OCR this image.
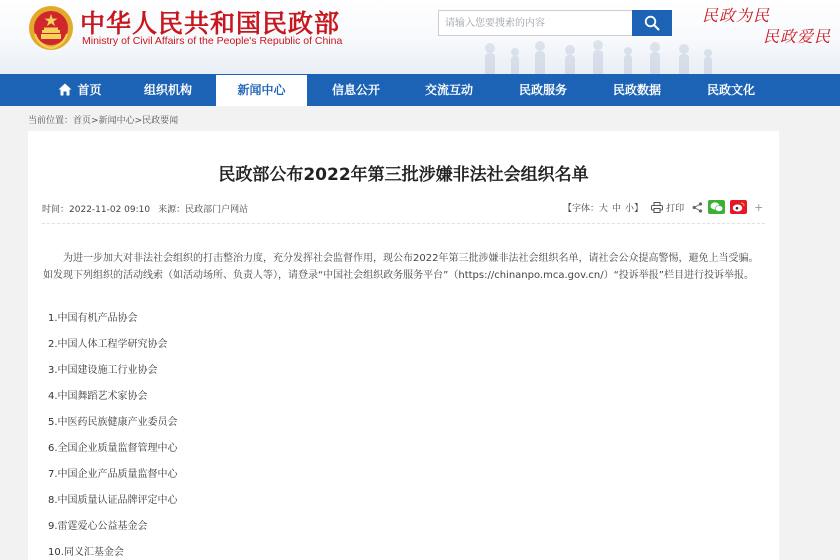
中华人民共和国民政部
Ministry of Civil Affairs of the People's Republic of China
请输入您要搜索的内容
民政为民
民政爱民
首页	组织机构	新闻中心	信息公开	交流互动	民政服务	民政数据	民政文化
当前位置：首页>新闻中心>民政要闻
民政部公布2022年第三批涉嫌非法社会组织名单
时间：2022-11-02 09:10 来源：民政部门户网站	【字体： 大 中 小 】	打印	+

为进一步加大对非法社会组织的打击整治力度，充分发挥社会监督作用，现公布2022年第三批涉嫌非法社会组织名单，请社会公众提高警惕，避免上当受骗。如发现下列组织的活动线索（如活动场所、负责人等），请登录“中国社会组织政务服务平台”（https://chinanpo.mca.gov.cn/）“投诉举报”栏目进行投诉举报。

1.中国有机产品协会
2.中国人体工程学研究协会
3.中国建设施工行业协会
4.中国舞蹈艺术家协会
5.中医药民族健康产业委员会
6.全国企业质量监督管理中心
7.中国企业产品质量监督中心
8.中国质量认证品牌评定中心
9.雷霆爱心公益基金会
10.同义汇基金会
